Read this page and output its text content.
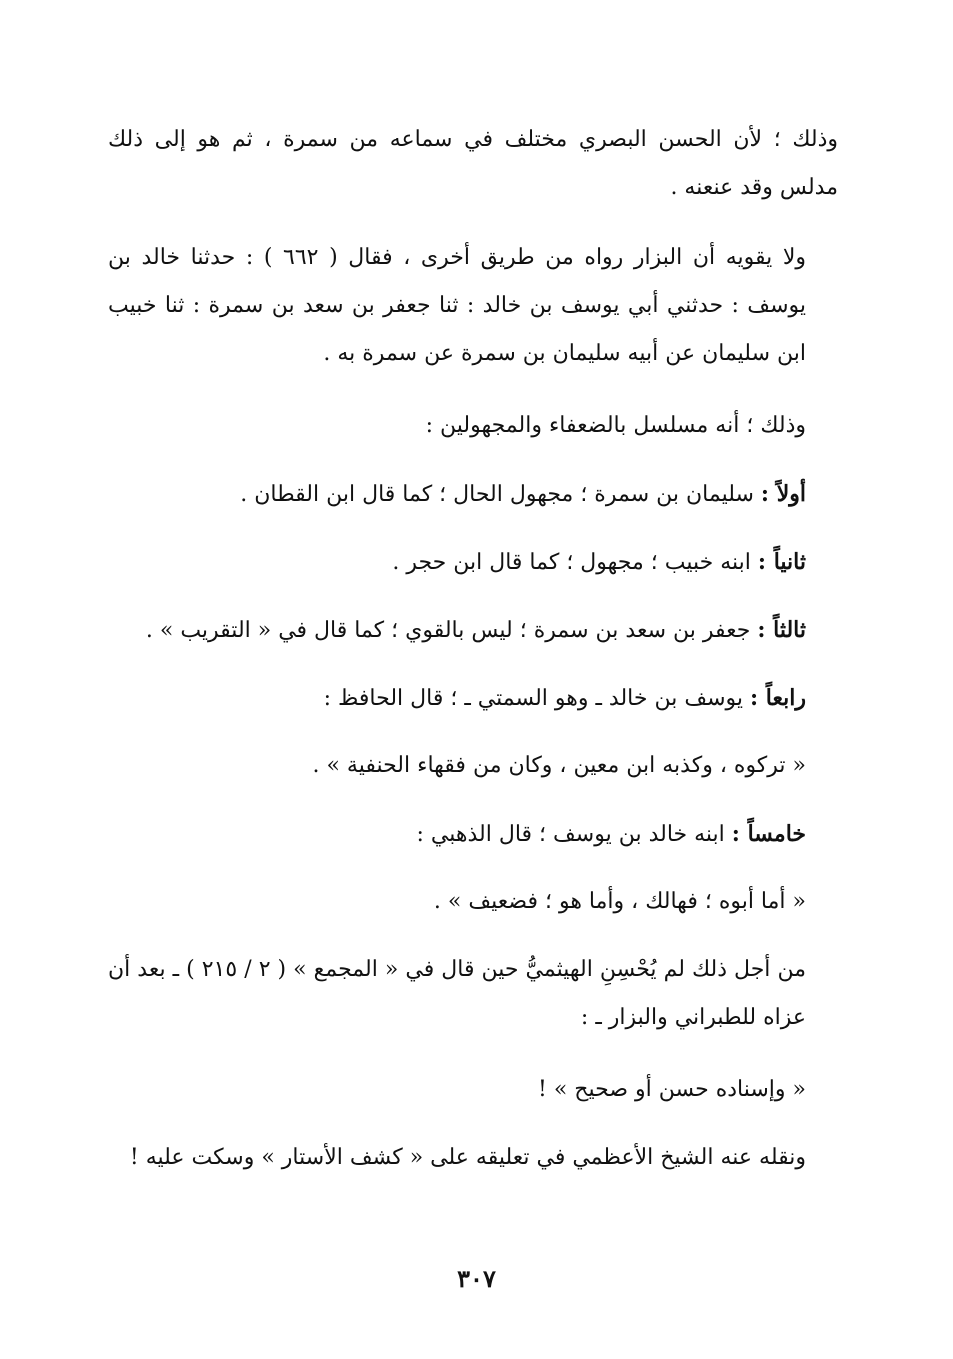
وذلك ؛ لأن الحسن البصري مختلف في سماعه من سمرة ، ثم هو إلى ذلك مدلس وقد عنعنه .
ولا يقويه أن البزار رواه من طريق أخرى ، فقال ( ٦٦٢ ) : حدثنا خالد بن يوسف : حدثني أبي يوسف بن خالد : ثنا جعفر بن سعد بن سمرة : ثنا خبيب ابن سليمان عن أبيه سليمان بن سمرة عن سمرة به .
وذلك ؛ أنه مسلسل بالضعفاء والمجهولين :
أولاً : سليمان بن سمرة ؛ مجهول الحال ؛ كما قال ابن القطان .
ثانياً : ابنه خبيب ؛ مجهول ؛ كما قال ابن حجر .
ثالثاً : جعفر بن سعد بن سمرة ؛ ليس بالقوي ؛ كما قال في « التقريب » .
رابعاً : يوسف بن خالد ـ وهو السمتي ـ ؛ قال الحافظ :
« تركوه ، وكذبه ابن معين ، وكان من فقهاء الحنفية » .
خامساً : ابنه خالد بن يوسف ؛ قال الذهبي :
« أما أبوه ؛ فهالك ، وأما هو ؛ فضعيف » .
من أجل ذلك لم يُحْسِنِ الهيثميُّ حين قال في « المجمع » ( ٢ / ٢١٥ ) ـ بعد أن عزاه للطبراني والبزار ـ :
« وإسناده حسن أو صحيح » !
ونقله عنه الشيخ الأعظمي في تعليقه على « كشف الأستار » وسكت عليه !
٣٠٧
